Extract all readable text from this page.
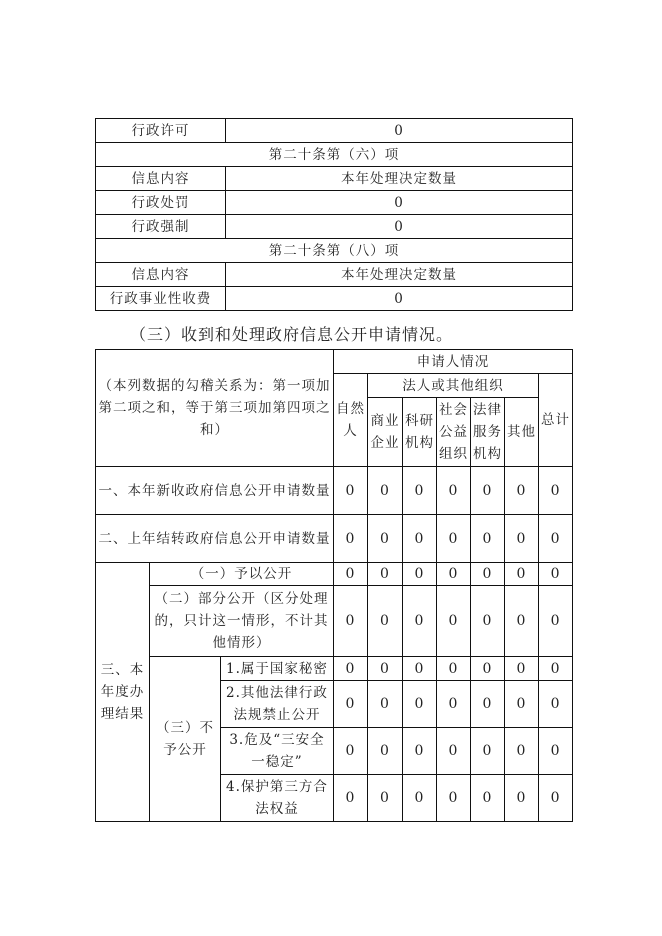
行政许可	0
第二十条第（六）项	
信息内容	本年处理决定数量
行政处罚	0
行政强制	0
第二十条第（八）项	
信息内容	本年处理决定数量
行政事业性收费	0
（三）收到和处理政府信息公开申请情况。
（本列数据的勾稽关系为：第一项加第二项之和，等于第三项加第四项之和）			申请人情况						
			自然人	法人或其他组织					总计
				商业企业	科研机构	社会公益组织	法律服务机构	其他	
一、本年新收政府信息公开申请数量			0	0	0	0	0	0	0
二、上年结转政府信息公开申请数量			0	0	0	0	0	0	0
三、本年度办理结果	（一）予以公开		0	0	0	0	0	0	0
	（二）部分公开（区分处理的，只计这一情形，不计其他情形）		0	0	0	0	0	0	0
	（三）不予公开	1.属于国家秘密	0	0	0	0	0	0	0
		2.其他法律行政法规禁止公开	0	0	0	0	0	0	0
		3.危及“三安全一稳定”	0	0	0	0	0	0	0
		4.保护第三方合法权益	0	0	0	0	0	0	0
